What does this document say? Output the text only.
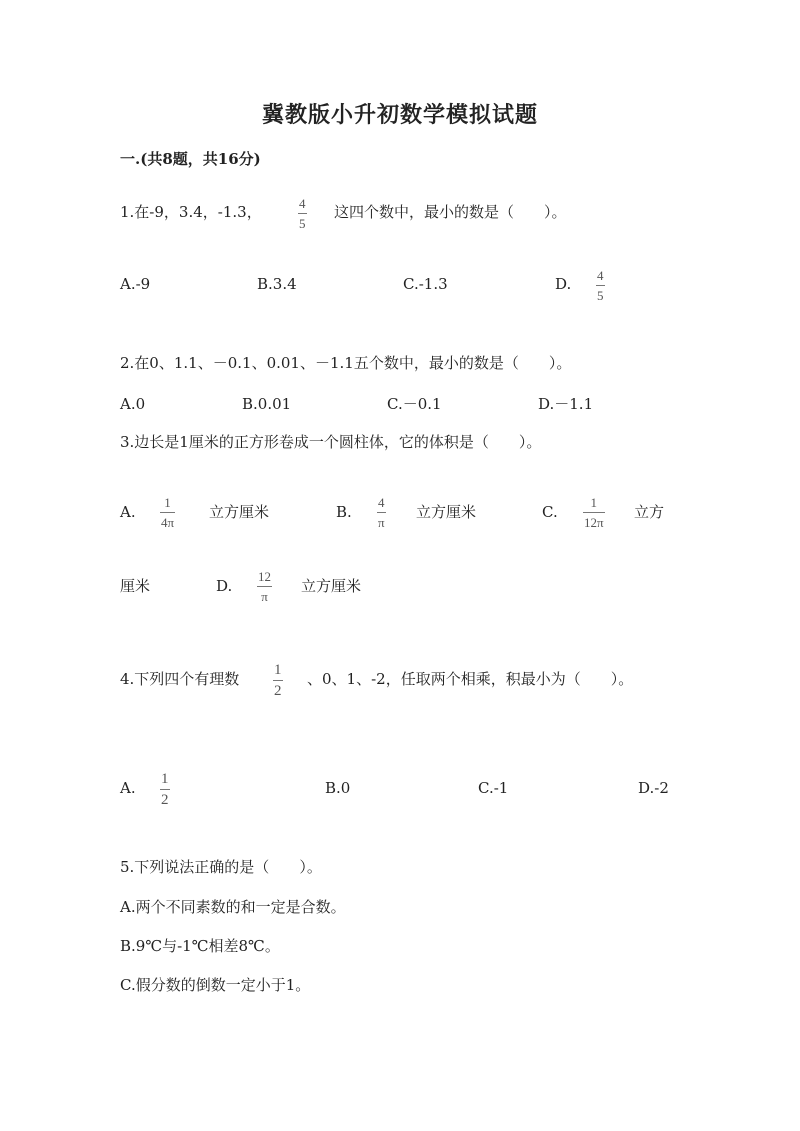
冀教版小升初数学模拟试题
一.(共8题，共16分)
1.在-9，3.4，-1.3，	4
5
这四个数中，最小的数是（　　）。
A.-9	B.3.4	C.-1.3	D. 4
5
2.在0、1.1、－0.1、0.01、－1.1五个数中，最小的数是（　　）。
A.0	B.0.01	C.－0.1	D.－1.1
3.边长是1厘米的正方形卷成一个圆柱体，它的体积是（　　）。
A.
1
4π
立方厘米	B.
4
π
立方厘米	C.
1
12π
立方
厘米	D.
12
π
立方厘米
4.下列四个有理数 1
2
、0、1、-2，任取两个相乘，积最小为（　　）。
A. 1
2
B.0	C.-1	D.-2
5.下列说法正确的是（　　）。
A.两个不同素数的和一定是合数。
B.9℃与-1℃相差8℃。
C.假分数的倒数一定小于1。
